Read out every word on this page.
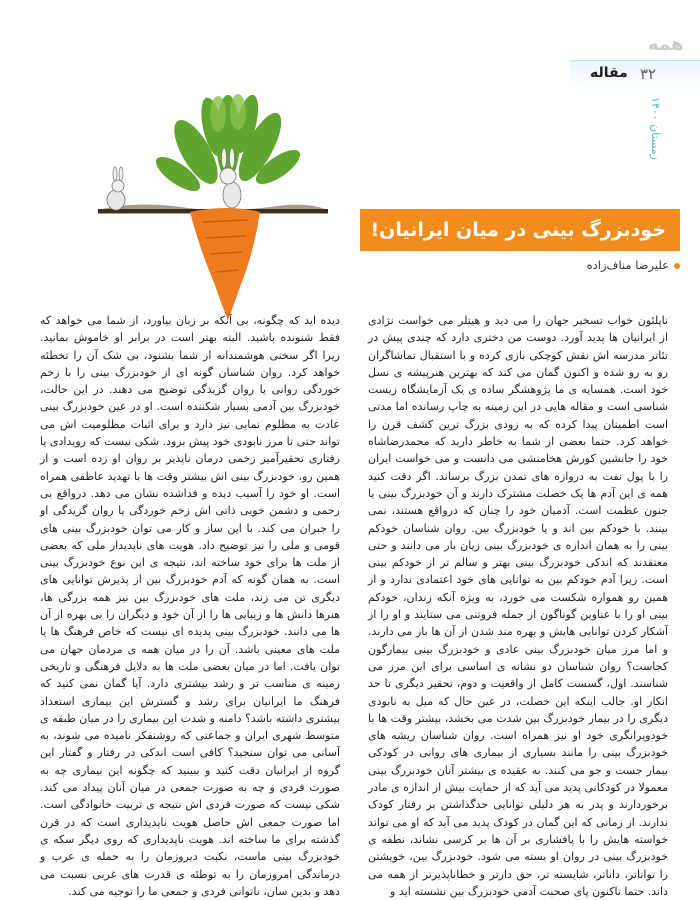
همه
۳۲
مقاله
زمستان ۱۴۰۰
خودبزرگ بینی در میان ایرانیان!
علیرضا مناف‌زاده
ناپلئون خواب تسخیر جهان را می دید و هیتلر می خواست نژادی از ایرانیان ها پدید آورد. دوست من دختری دارد که چندی پیش در تئاتر مدرسه اش نقش کوچکی بازی کرده و با استقبال تماشاگران رو به رو شده و اکنون گمان می کند که بهترین هنرپیشه ی نسل خود است. همسایه ی ما پژوهشگر ساده ی یک آزمایشگاه زیست شناسی است و مقاله هایی در این زمینه به چاپ رسانده اما مدتی است اطمینان پیدا کرده که به زودی بزرگ ترین کشف قرن را خواهد کرد. حتما بعضی از شما به خاطر دارید که محمدرضاشاه خود را جانشین کورش هخامنشی می دانست و می خواست ایران را با پول نفت به دروازه های تمدن بزرگ برساند. اگر دقت کنید همه ی این آدم ها یک خصلت مشترک دارند و آن خودبزرگ بینی یا جنون عظمت است. آدمیان خود را چنان که درواقع هستند، نمی بینند. با خودکم بین اند و یا خودبزرگ بین. روان شناسان خودکم بینی را به همان اندازه ی خودبزرگ بینی زیان بار می دانند و حتی معتقدند که اندکی خودبزرگ بینی بهتر و سالم تر از خودکم بینی است. زیرا آدم خودکم بین به توانایی های خود اعتمادی ندارد و از همین رو همواره شکست می خورد، به ویژه آنکه زندان، خودکم بینی او را با عناوین گوناگون از جمله فروتنی می ستایند و او را از آشکار کردن توانایی هایش و بهره مند شدن از آن ها باز می دارند. و اما مرز میان خودبزرگ بینی عادی و خودبزرگ بینی بیمارگون کجاست؟ روان شناسان دو نشانه ی اساسی برای این مرز می شناسند. اول، گسست کامل از واقعیت و دوم، تحقیر دیگری تا حد انکار او. جالب اینکه این خصلت، در عین حال که میل به نابودی دیگری را در بیمار خودبزرگ بین شدت می بخشد، بیشتر وقت ها با خودویرانگری خود او نیز همراه است. روان شناسان ریشه های خودبزرگ بینی را مانند بسیاری از بیماری های روانی در کودکی بیمار جست و جو می کنند. به عقیده ی بیشتر آنان خودبزرگ بینی معمولا در کودکانی پدید می آید که از حمایت بیش از اندازه ی مادر برخوردارند و پدر به هر دلیلی توانایی حدگذاشتن بر رفتار کودک ندارند. از زمانی که این گمان در کودک پدید می آید که او می تواند خواسته هایش را با پافشاری بر آن ها بر کرسی نشاند، نطفه ی خودبزرگ بینی در روان او بسته می شود. خودبزرگ بین، خویشتن را تواناتر، داناتر، شایسته تر، حق دارتر و خطاناپذیرتر از همه می داند. حتما تاکنون پای صحبت آدمی خودبزرگ بین نشسته اید و
دیده اید که چگونه، بی آنکه بر زبان بیاورد، از شما می خواهد که فقط شنونده باشید. البته بهتر است در برابر او خاموش بمانید. زیرا اگر سخنی هوشمندانه از شما بشنود، بی شک آن را تخطئه خواهد کرد. روان شناسان گونه ای از خودبزرگ بینی را با زخم خوردگی روانی یا روان گزیدگی توضیح می دهند. در این حالت، خودبزرگ بین آدمی بسیار شکننده است. او در عین خودبزرگ بینی عادت به مظلوم نمایی نیز دارد و برای اثبات مظلومیت اش می تواند حتی تا مرز نابودی خود پیش برود. شکی نیست که رویدادی یا رفتاری تحقیرآمیز زخمی درمان ناپذیر بر روان او زده است و از همین رو، خودبزرگ بینی اش بیشتر وقت ها با تهدید عاطفی همراه است. او خود را آسیب دیده و فداشده نشان می دهد. درواقع بی رحمی و دشمن خویی ذاتی اش زخم خوردگی یا روان گزیدگی او را جبران می کند. با این ساز و کار می توان خودبزرگ بینی های قومی و ملی را نیز توضیح داد. هویت های ناپدیدار ملی که بعضی از ملت ها برای خود ساخته اند، نتیجه ی این نوع خودبزرگ بینی است. به همان گونه که آدم خودبزرگ بین از پذیرش توانایی های دیگری تن می زند، ملت های خودبزرگ بین نیز همه بزرگی ها، هنرها دانش ها و زیبایی ها را از آن خود و دیگران را بی بهره از آن ها می دانند. خودبزرگ بینی پدیده ای نیست که خاص فرهنگ ها یا ملت های معینی باشد. آن را در میان همه ی مردمان جهان می توان یافت. اما در میان بعضی ملت ها به دلایل فرهنگی و تاریخی زمینه ی مناسب تر و رشد بیشتری دارد. آیا گمان نمی کنید که فرهنگ ما ایرانیان برای رشد و گسترش این بیماری استعداد بیشتری داشته باشد؟ دامنه و شدت این بیماری را در میان طبقه ی متوسط شهری ایران و جماعتی که روشنفکر نامیده می شوند، به آسانی می توان سنجید؟ کافی است اندکی در رفتار و گفتار این گروه از ایرانیان دقت کنید و ببینید که چگونه این بیماری چه به صورت فردی و چه به صورت جمعی در میان آنان پیداد می کند. شکی نیست که صورت فردی اش نتیجه ی تربیت خانوادگی است. اما صورت جمعی اش حاصل هویت ناپدیداری است که در قرن گذشته برای ما ساخته اند. هویت ناپدیداری که روی دیگر سکه ی خودبزرگ بینی ماست، نکبت دیروزمان را به حمله ی عرب و درماندگی امروزمان را به توطئه ی قدرت های غربی نسبت می دهد و بدین سان، ناتوانی فردی و جمعی ما را توجیه می کند.
